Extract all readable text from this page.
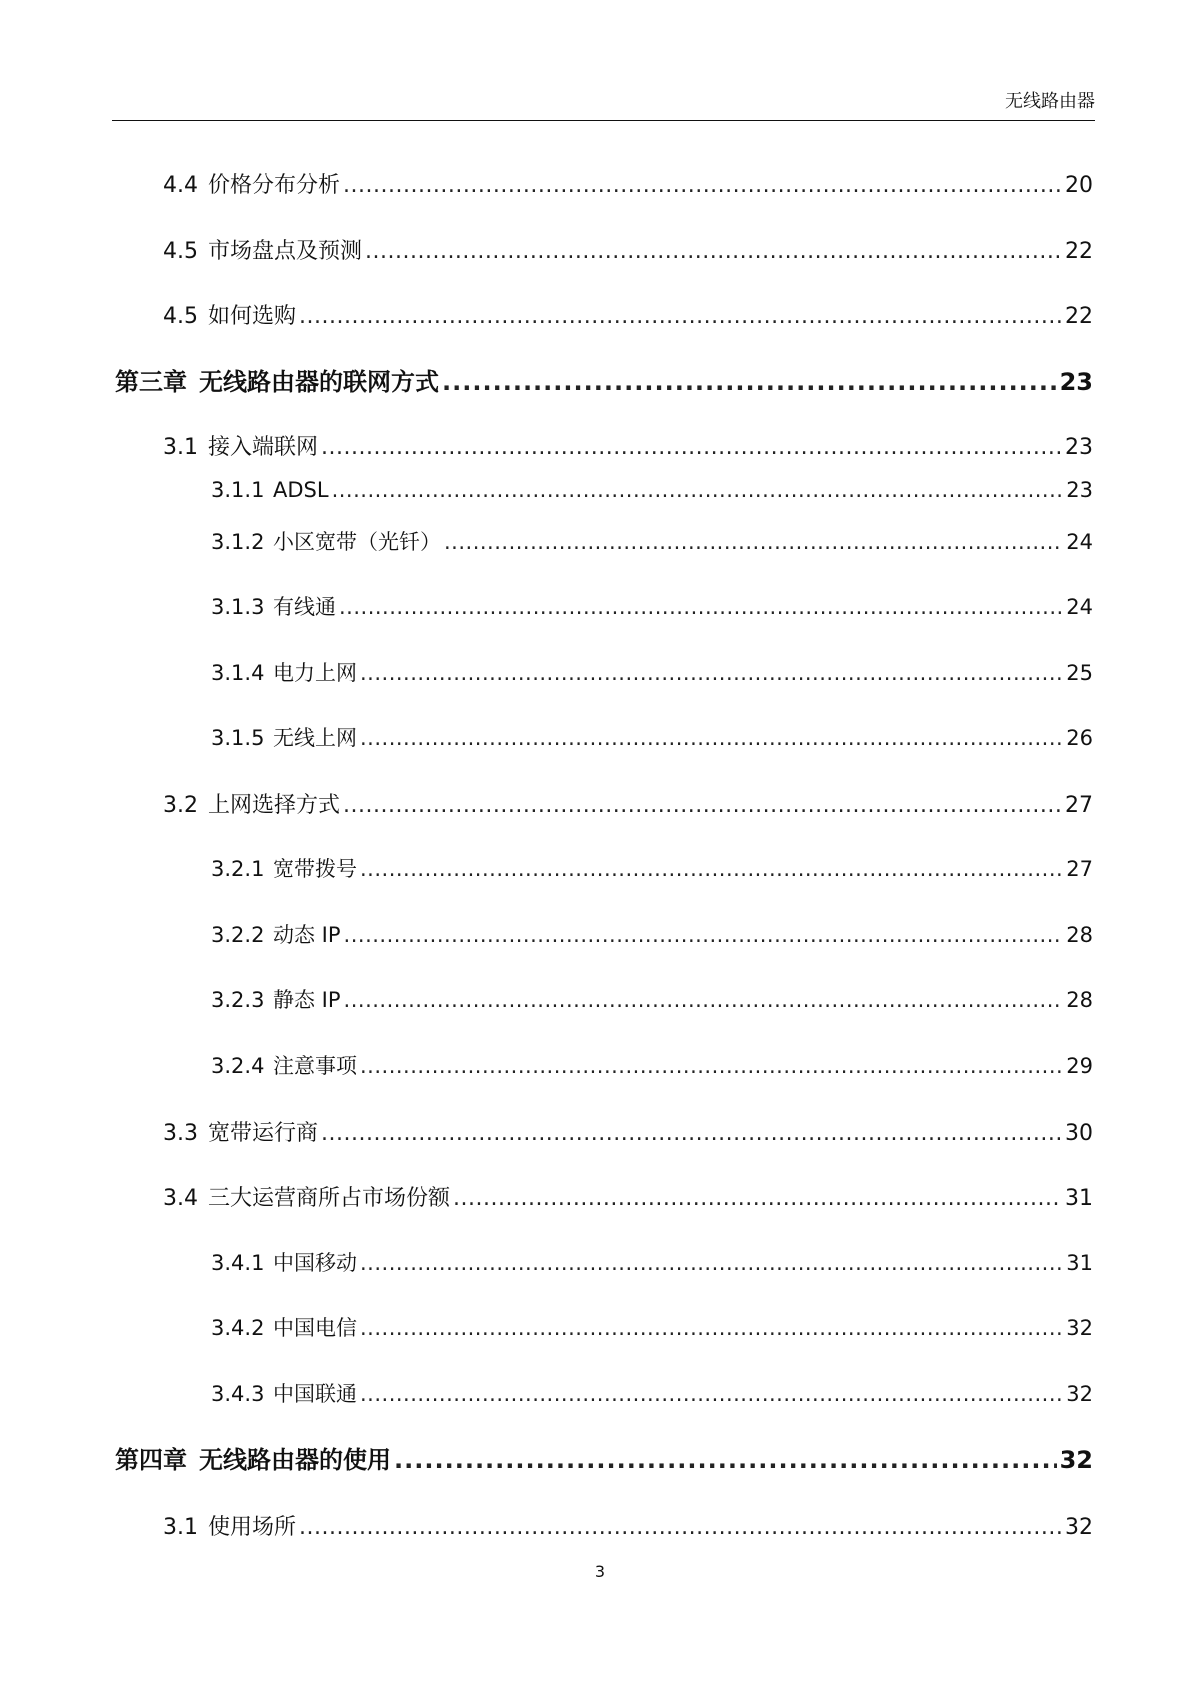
无线路由器
4.4 价格分布分析 .....	20
4.5 市场盘点及预测 .....	22
4.5 如何选购 .....	22
第三章 无线路由器的联网方式 .....	23
3.1 接入端联网 .....	23
3.1.1 ADSL .....	23
3.1.2 小区宽带（光钎） .....	24
3.1.3 有线通 .....	24
3.1.4 电力上网 .....	25
3.1.5 无线上网 .....	26
3.2 上网选择方式 .....	27
3.2.1 宽带拨号 .....	27
3.2.2 动态 IP .....	28
3.2.3 静态 IP .....	28
3.2.4 注意事项 .....	29
3.3 宽带运行商 .....	30
3.4 三大运营商所占市场份额 .....	31
3.4.1 中国移动 .....	31
3.4.2 中国电信 .....	32
3.4.3 中国联通 .....	32
第四章 无线路由器的使用 .....	32
3.1 使用场所 .....	32
3
